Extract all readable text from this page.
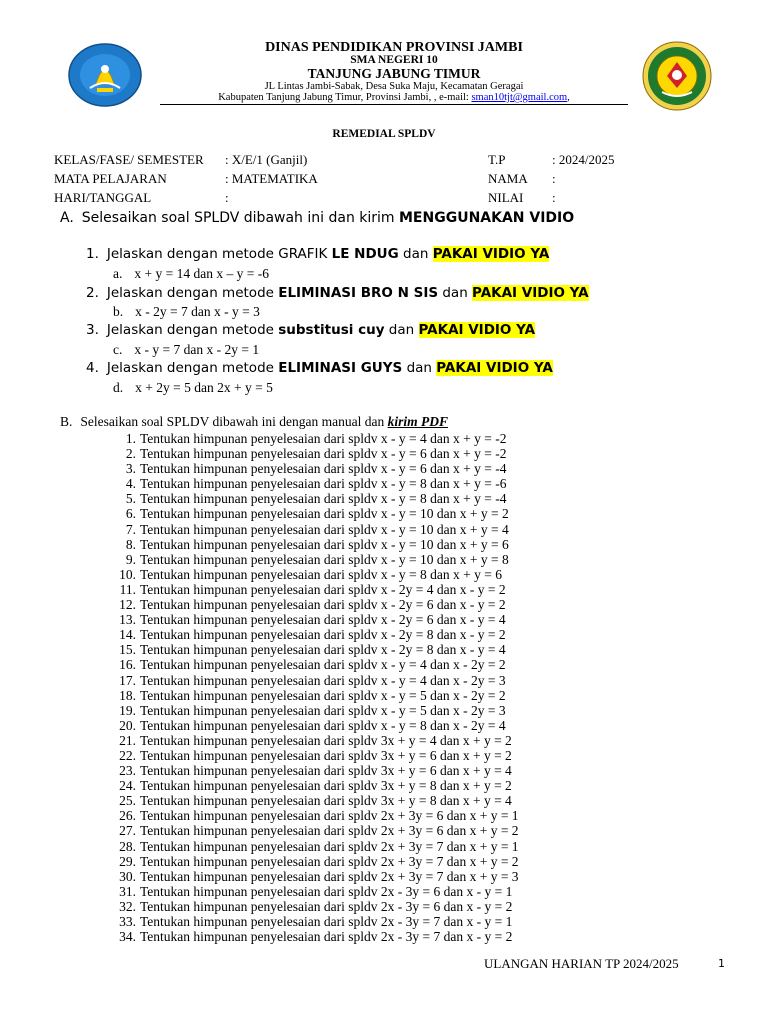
DINAS PENDIDIKAN PROVINSI JAMBI
SMA NEGERI 10
TANJUNG JABUNG TIMUR
JL Lintas Jambi-Sabak, Desa Suka Maju, Kecamatan Geragai
Kabupaten Tanjung Jabung Timur, Provinsi Jambi, , e-mail: sman10tjt@gmail.com,
REMEDIAL SPLDV
KELAS/FASE/ SEMESTER : X/E/1 (Ganjil)	T.P	: 2024/2025
MATA PELAJARAN	: MATEMATIKA	NAMA :
HARI/TANGGAL	:	NILAI :
A. Selesaikan soal SPLDV dibawah ini dan kirim MENGGUNAKAN VIDIO
1. Jelaskan dengan metode GRAFIK LE NDUG dan PAKAI VIDIO YA
a. x + y = 14 dan x – y = -6
2. Jelaskan dengan metode ELIMINASI BRO N SIS dan PAKAI VIDIO YA
b. x - 2y = 7 dan x - y = 3
3. Jelaskan dengan metode substitusi cuy dan PAKAI VIDIO YA
c. x - y = 7 dan x - 2y = 1
4. Jelaskan dengan metode ELIMINASI GUYS dan PAKAI VIDIO YA
d. x + 2y = 5 dan 2x + y = 5
B. Selesaikan soal SPLDV dibawah ini dengan manual dan kirim PDF
1. Tentukan himpunan penyelesaian dari spldv x - y = 4 dan x + y = -2
2. Tentukan himpunan penyelesaian dari spldv x - y = 6 dan x + y = -2
3. Tentukan himpunan penyelesaian dari spldv x - y = 6 dan x + y = -4
4. Tentukan himpunan penyelesaian dari spldv x - y = 8 dan x + y = -6
5. Tentukan himpunan penyelesaian dari spldv x - y = 8 dan x + y = -4
6. Tentukan himpunan penyelesaian dari spldv x - y = 10 dan x + y = 2
7. Tentukan himpunan penyelesaian dari spldv x - y = 10 dan x + y = 4
8. Tentukan himpunan penyelesaian dari spldv x - y = 10 dan x + y = 6
9. Tentukan himpunan penyelesaian dari spldv x - y = 10 dan x + y = 8
10. Tentukan himpunan penyelesaian dari spldv x - y = 8 dan x + y = 6
11. Tentukan himpunan penyelesaian dari spldv x - 2y = 4 dan x - y = 2
12. Tentukan himpunan penyelesaian dari spldv x - 2y = 6 dan x - y = 2
13. Tentukan himpunan penyelesaian dari spldv x - 2y = 6 dan x - y = 4
14. Tentukan himpunan penyelesaian dari spldv x - 2y = 8 dan x - y = 2
15. Tentukan himpunan penyelesaian dari spldv x - 2y = 8 dan x - y = 4
16. Tentukan himpunan penyelesaian dari spldv x - y = 4 dan x - 2y = 2
17. Tentukan himpunan penyelesaian dari spldv x - y = 4 dan x - 2y = 3
18. Tentukan himpunan penyelesaian dari spldv x - y = 5 dan x - 2y = 2
19. Tentukan himpunan penyelesaian dari spldv x - y = 5 dan x - 2y = 3
20. Tentukan himpunan penyelesaian dari spldv x - y = 8 dan x - 2y = 4
21. Tentukan himpunan penyelesaian dari spldv 3x + y = 4 dan x + y = 2
22. Tentukan himpunan penyelesaian dari spldv 3x + y = 6 dan x + y = 2
23. Tentukan himpunan penyelesaian dari spldv 3x + y = 6 dan x + y = 4
24. Tentukan himpunan penyelesaian dari spldv 3x + y = 8 dan x + y = 2
25. Tentukan himpunan penyelesaian dari spldv 3x + y = 8 dan x + y = 4
26. Tentukan himpunan penyelesaian dari spldv 2x + 3y = 6 dan x + y = 1
27. Tentukan himpunan penyelesaian dari spldv 2x + 3y = 6 dan x + y = 2
28. Tentukan himpunan penyelesaian dari spldv 2x + 3y = 7 dan x + y = 1
29. Tentukan himpunan penyelesaian dari spldv 2x + 3y = 7 dan x + y = 2
30. Tentukan himpunan penyelesaian dari spldv 2x + 3y = 7 dan x + y = 3
31. Tentukan himpunan penyelesaian dari spldv 2x - 3y = 6 dan x - y = 1
32. Tentukan himpunan penyelesaian dari spldv 2x - 3y = 6 dan x - y = 2
33. Tentukan himpunan penyelesaian dari spldv 2x - 3y = 7 dan x - y = 1
34. Tentukan himpunan penyelesaian dari spldv 2x - 3y = 7 dan x - y = 2
ULANGAN HARIAN TP 2024/2025	1
